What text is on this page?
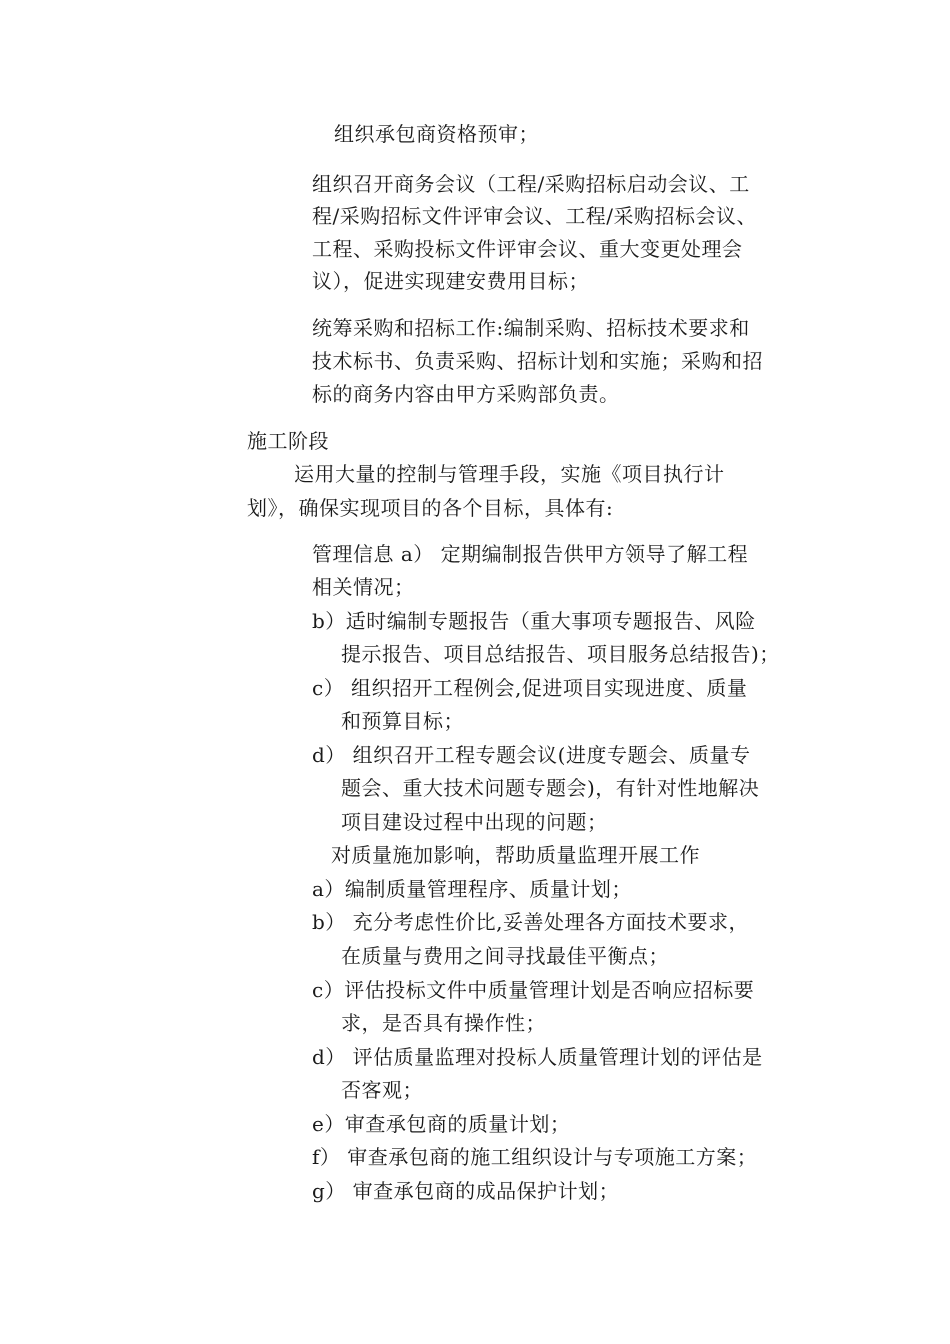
组织承包商资格预审；
组织召开商务会议（工程/采购招标启动会议、工
程/采购招标文件评审会议、工程/采购招标会议、
工程、采购投标文件评审会议、重大变更处理会
议），促进实现建安费用目标；
统筹采购和招标工作:编制采购、招标技术要求和
技术标书、负责采购、招标计划和实施；采购和招
标的商务内容由甲方采购部负责。
施工阶段
运用大量的控制与管理手段，实施《项目执行计
划》，确保实现项目的各个目标，具体有:
管理信息 a） 定期编制报告供甲方领导了解工程
相关情况；
b）适时编制专题报告（重大事项专题报告、风险
提示报告、项目总结报告、项目服务总结报告)；
c） 组织招开工程例会,促进项目实现进度、质量
和预算目标；
d） 组织召开工程专题会议(进度专题会、质量专
题会、重大技术问题专题会)，有针对性地解决
项目建设过程中出现的问题；
对质量施加影响，帮助质量监理开展工作
a）编制质量管理程序、质量计划；
b） 充分考虑性价比,妥善处理各方面技术要求，
在质量与费用之间寻找最佳平衡点；
c）评估投标文件中质量管理计划是否响应招标要
求，是否具有操作性；
d） 评估质量监理对投标人质量管理计划的评估是
否客观；
e）审查承包商的质量计划；
f） 审查承包商的施工组织设计与专项施工方案；
g） 审查承包商的成品保护计划；
